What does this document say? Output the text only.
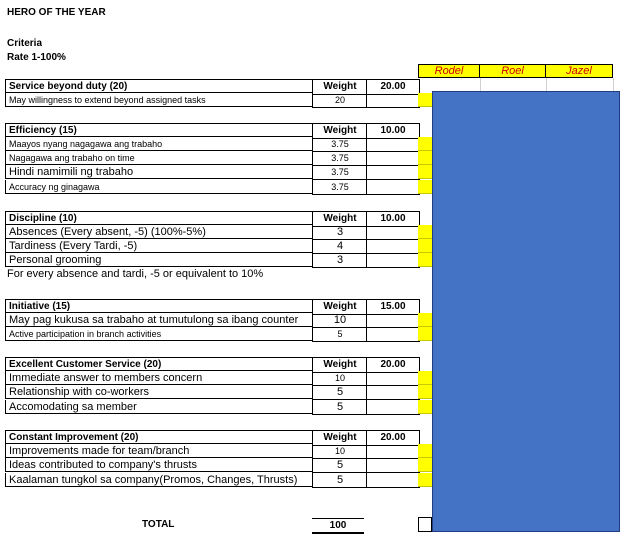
HERO OF THE YEAR
Criteria
Rate 1-100%
Rodel	Roel	Jazel
Service beyond duty (20)	Weight	20.00
May willingness to extend beyond assigned tasks	20
Efficiency (15)	Weight	10.00
Maayos nyang nagagawa ang trabaho	3.75
Nagagawa ang trabaho on time	3.75
Hindi namimili ng trabaho	3.75
Accuracy ng ginagawa	3.75
Discipline (10)	Weight	10.00
Absences (Every absent, -5) (100%-5%)	3
Tardiness (Every Tardi, -5)	4
Personal grooming	3
For every absence and tardi, -5 or equivalent to 10%
Initiative (15)	Weight	15.00
May pag kukusa sa trabaho at tumutulong sa ibang counter	10
Active participation in branch activities	5
Excellent Customer Service (20)	Weight	20.00
Immediate answer to members concern	10
Relationship with co-workers	5
Accomodating sa member	5
Constant Improvement (20)	Weight	20.00
Improvements made for team/branch	10
Ideas contributed to company's thrusts	5
Kaalaman tungkol sa company(Promos, Changes, Thrusts)	5
TOTAL	100
